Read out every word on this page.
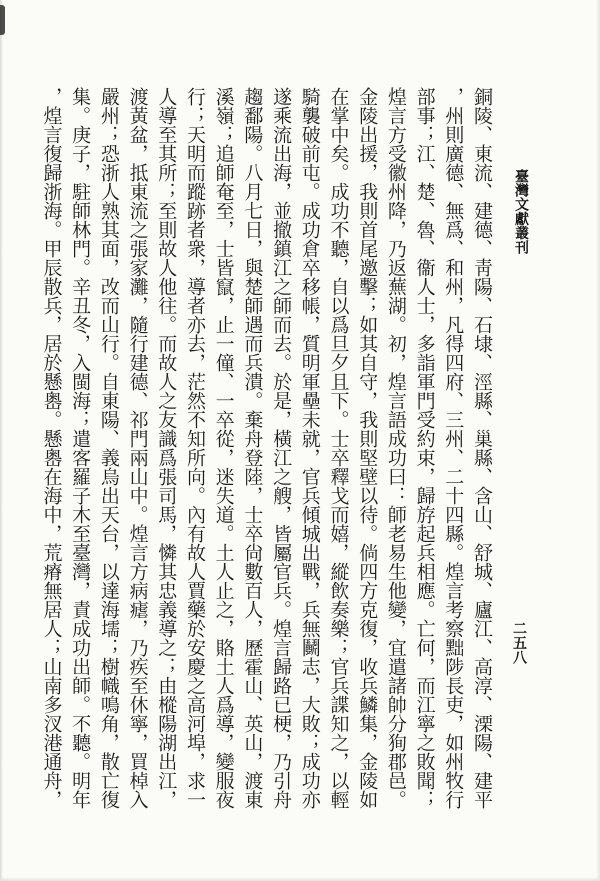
臺灣文獻叢刊
二五八
銅陵、東流、建德、靑陽、石埭、涇縣、巢縣、含山、舒城、廬江、高淳、溧陽、建平
，州則廣德、無爲、和州，凡得四府、三州、二十四縣。煌言考察黜陟長吏，如州牧行
部事；江、楚、魯、衞人士，多詣軍門受約束，歸斿起兵相應。亡何，而江寧之敗聞；
煌言方受徽州降，乃返蕪湖。初，煌言語成功曰：師老易生他變，宜遣諸帥分狥郡邑。
金陵出援，我則首尾邀擊；如其自守，我則堅壁以待。倘四方克復，收兵鱗集，金陵如
在掌中矣。成功不聽，自以爲旦夕且下。士卒釋戈而嬉，縱飲奏樂；官兵諜知之，以輕
騎襲破前屯。成功倉卒移帳，質明軍壘未就，官兵傾城出戰，兵無鬭志，大敗；成功亦
遂乘流出海，並撤鎮江之師而去。於是，橫江之艘，皆屬官兵。煌言歸路已梗，乃引舟
趨鄱陽。八月七日，與楚師遇而兵潰。棄舟登陸，士卒尙數百人，歷霍山、英山，渡東
溪嶺；追師奄至，士皆竄，止一僮、一卒從，迷失道。土人止之，賂土人爲導，變服夜
行；天明而蹤跡者衆，導者亦去，茫然不知所向。內有故人賈藥於安慶之高河埠，求一
人導至其所；至則故人他往。而故人之友識爲張司馬，憐其忠義導之；由樅陽湖出江，
渡黃盆，抵東流之張家灘，隨行建德、祁門兩山中。煌言方病瘧，乃疾至休寧，買棹入
嚴州；恐浙人熟其面，改而山行。自東陽、義烏出天台，以達海壖；樹幟鳴角，散亡復
集。庚子，駐師林門。辛丑冬，入閩海；遣客羅子木至臺灣，責成功出師。不聽。明年
，煌言復歸浙海。甲辰散兵，居於懸嶴。懸嶴在海中，荒瘠無居人；山南多汊港通舟，
